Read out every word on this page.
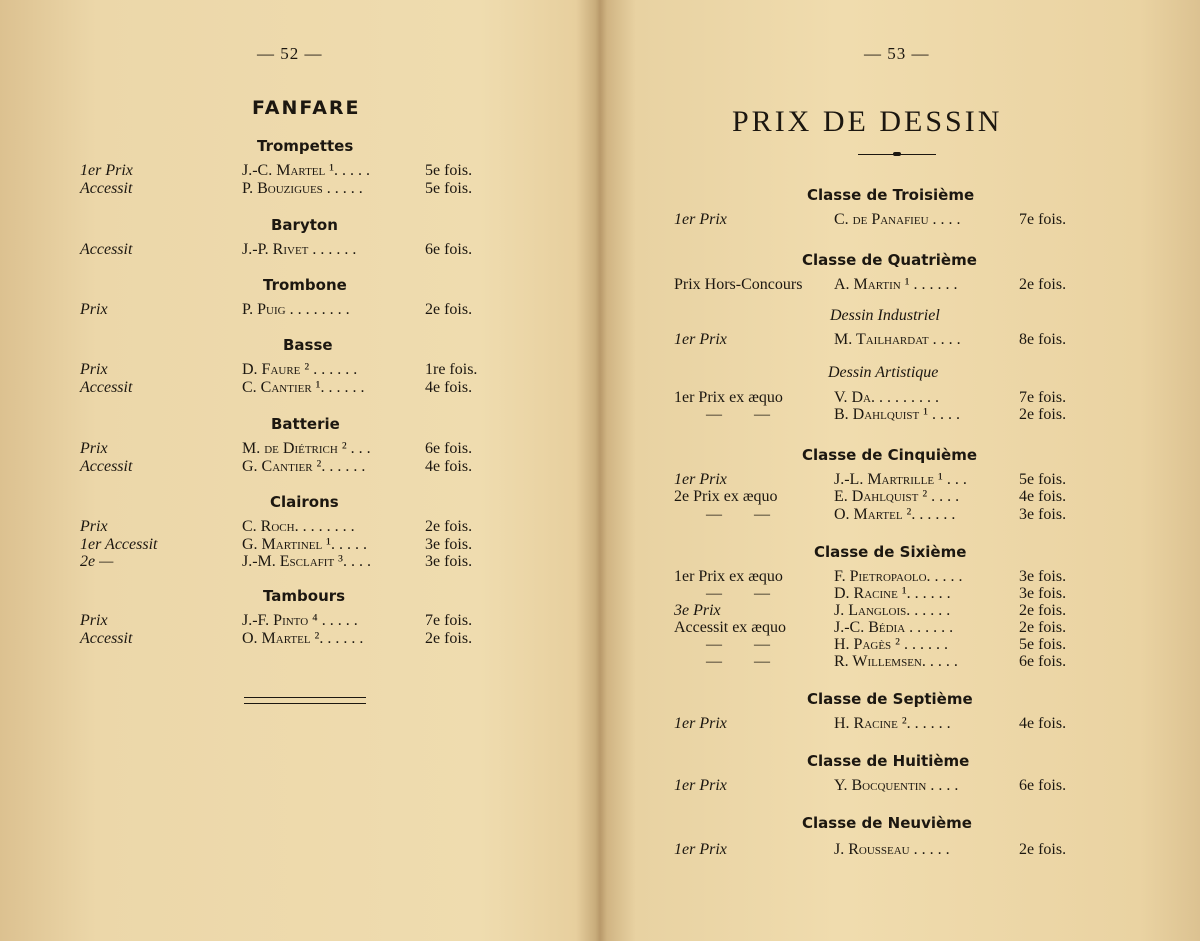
— 52 —
FANFARE
Trompettes
1er Prix	J.-C. Martel ¹. . . . .	5e fois.
Accessit	P. Bouzigues . . . . .	5e fois.
Baryton
Accessit	J.-P. Rivet . . . . . .	6e fois.
Trombone
Prix	P. Puig . . . . . . . .	2e fois.
Basse
Prix	D. Faure ² . . . . . .	1re fois.
Accessit	C. Cantier ¹. . . . . .	4e fois.
Batterie
Prix	M. de Diétrich ² . . .	6e fois.
Accessit	G. Cantier ². . . . . .	4e fois.
Clairons
Prix	C. Roch. . . . . . . .	2e fois.
1er Accessit	G. Martinel ¹. . . . .	3e fois.
2e —	J.-M. Esclafit ³. . . .	3e fois.
Tambours
Prix	J.-F. Pinto ⁴ . . . . .	7e fois.
Accessit	O. Martel ². . . . . .	2e fois.
— 53 —
PRIX DE DESSIN
Classe de Troisième
1er Prix	C. de Panafieu . . . .	7e fois.
Classe de Quatrième
Prix Hors-Concours A. Martin ¹ . . . . . .	2e fois.
Dessin Industriel
1er Prix	M. Tailhardat . . . .	8e fois.
Dessin Artistique
1er Prix ex æquo	V. Da. . . . . . . . .	7e fois.
— —	B. Dahlquist ¹ . . . .	2e fois.
Classe de Cinquième
1er Prix	J.-L. Martrille ¹ . . .	5e fois.
2e Prix ex æquo	E. Dahlquist ² . . . .	4e fois.
— —	O. Martel ². . . . . .	3e fois.
Classe de Sixième
1er Prix ex æquo	F. Pietropaolo. . . . .	3e fois.
— —	D. Racine ¹. . . . . .	3e fois.
3e Prix	J. Langlois. . . . . .	2e fois.
Accessit ex æquo	J.-C. Bédia . . . . . .	2e fois.
— —	H. Pagès ² . . . . . .	5e fois.
— —	R. Willemsen. . . . .	6e fois.
Classe de Septième
1er Prix	H. Racine ². . . . . .	4e fois.
Classe de Huitième
1er Prix	Y. Bocquentin . . . .	6e fois.
Classe de Neuvième
1er Prix	J. Rousseau . . . . .	2e fois.
